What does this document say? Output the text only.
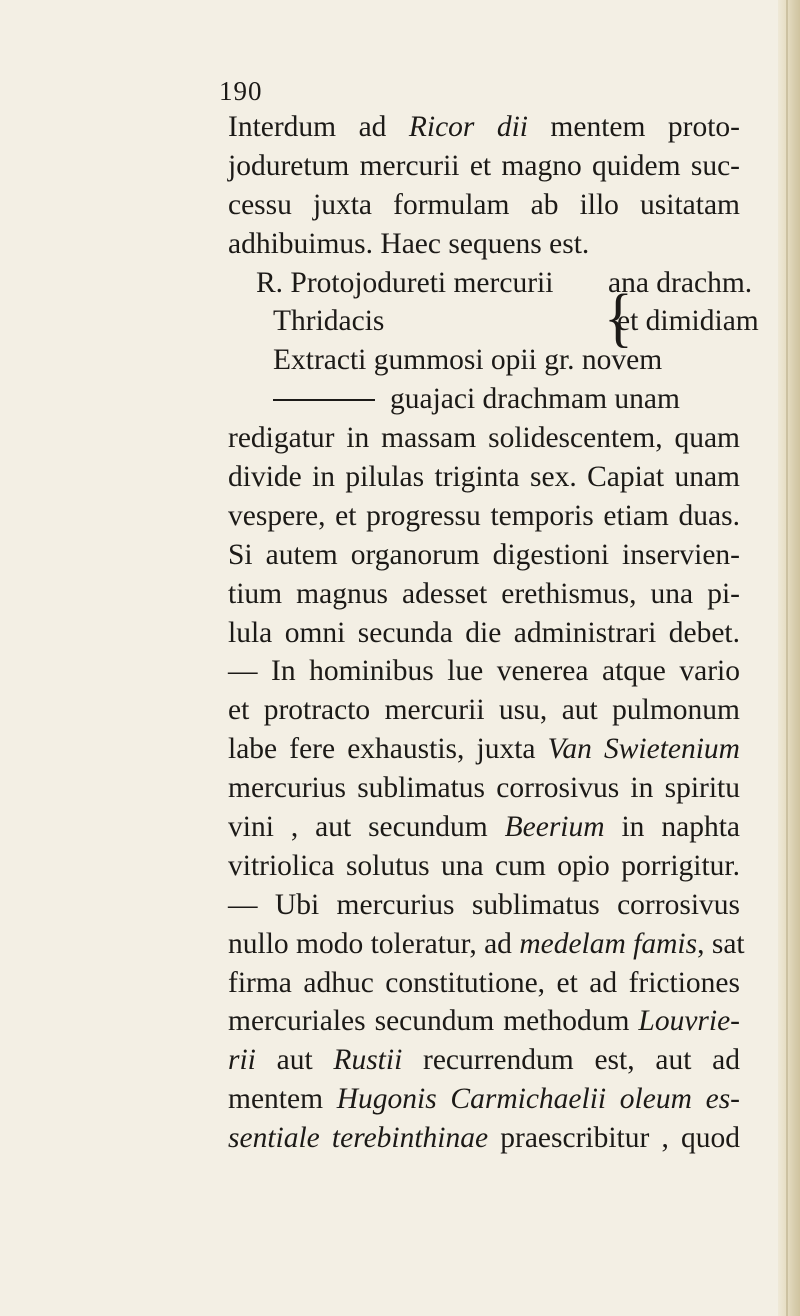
190
Interdum ad Ricor dii mentem proto-
joduretum mercurii et magno quidem suc-
cessu juxta formulam ab illo usitatam
adhibuimus. Haec sequens est.
R. Protojodureti mercurii ana drachm.
Thridacis	et dimidiam
Extracti gummosi opii gr. novem
guajaci drachmam unam
redigatur in massam solidescentem, quam
divide in pilulas triginta sex. Capiat unam
vespere, et progressu temporis etiam duas.
Si autem organorum digestioni inservien-
tium magnus adesset erethismus, una pi-
lula omni secunda die administrari debet.
— In hominibus lue venerea atque vario
et protracto mercurii usu, aut pulmonum
labe fere exhaustis, juxta Van Swietenium
mercurius sublimatus corrosivus in spiritu
vini , aut secundum Beerium in naphta
vitriolica solutus una cum opio porrigitur.
— Ubi mercurius sublimatus corrosivus
nullo modo toleratur, ad medelam famis, sat
firma adhuc constitutione, et ad frictiones
mercuriales secundum methodum Louvrie-
rii aut Rustii recurrendum est, aut ad
mentem Hugonis Carmichaelii oleum es-
sentiale terebinthinae praescribitur , quod
{
